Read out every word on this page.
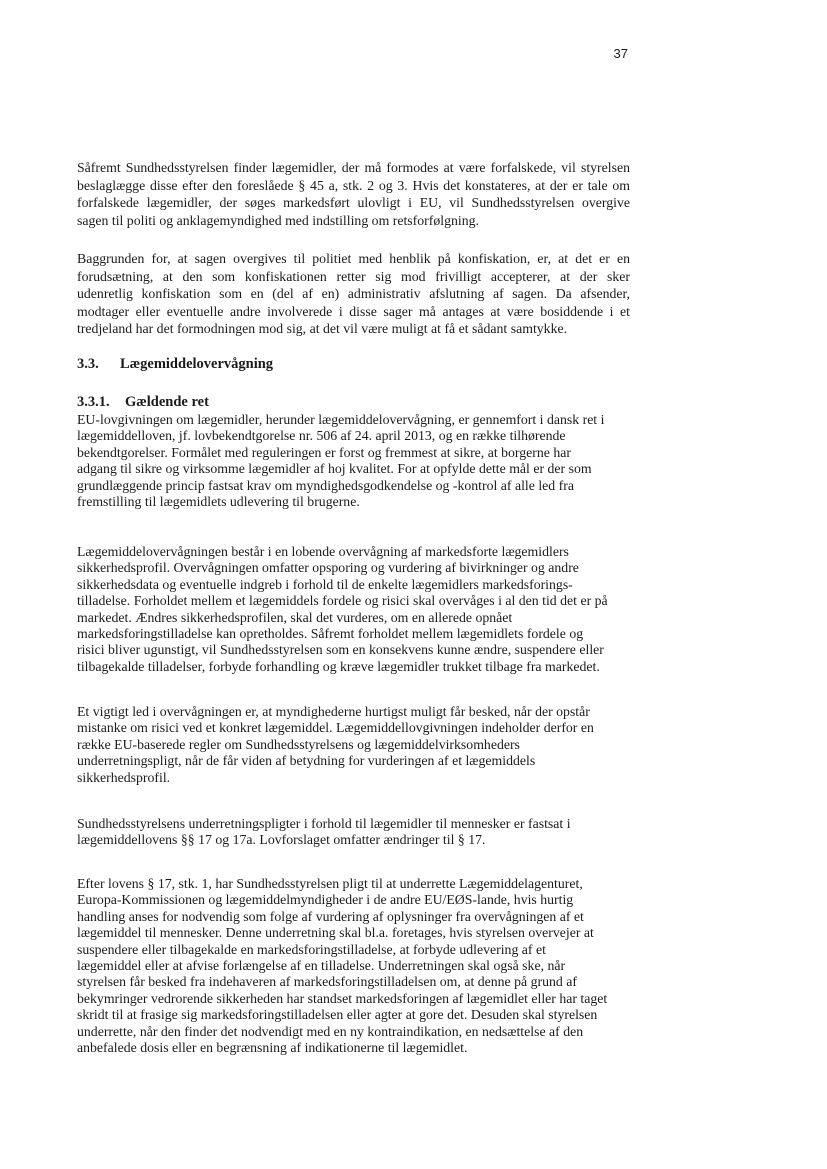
37
Såfremt Sundhedsstyrelsen finder lægemidler, der må formodes at være forfalskede, vil styrelsen
beslaglægge disse efter den foreslåede § 45 a, stk. 2 og 3. Hvis det konstateres, at der er tale om
forfalskede lægemidler, der søges markedsført ulovligt i EU, vil Sundhedsstyrelsen overgive
sagen til politi og anklagemyndighed med indstilling om retsforfølgning.
Baggrunden for, at sagen overgives til politiet med henblik på konfiskation, er, at det er en
forudsætning, at den som konfiskationen retter sig mod frivilligt accepterer, at der sker
udenretlig konfiskation som en (del af en) administrativ afslutning af sagen. Da afsender,
modtager eller eventuelle andre involverede i disse sager må antages at være bosiddende i et
tredjeland har det formodningen mod sig, at det vil være muligt at få et sådant samtykke.
3.3. Lægemiddelovervågning
3.3.1. Gældende ret
EU-lovgivningen om lægemidler, herunder lægemiddelovervågning, er gennemfort i dansk ret i
lægemiddelloven, jf. lovbekendtgorelse nr. 506 af 24. april 2013, og en række tilhørende
bekendtgorelser. Formålet med reguleringen er forst og fremmest at sikre, at borgerne har
adgang til sikre og virksomme lægemidler af hoj kvalitet. For at opfylde dette mål er der som
grundlæggende princip fastsat krav om myndighedsgodkendelse og -kontrol af alle led fra
fremstilling til lægemidlets udlevering til brugerne.
Lægemiddelovervågningen består i en lobende overvågning af markedsforte lægemidlers
sikkerhedsprofil. Overvågningen omfatter opsporing og vurdering af bivirkninger og andre
sikkerhedsdata og eventuelle indgreb i forhold til de enkelte lægemidlers markedsforings-
tilladelse. Forholdet mellem et lægemiddels fordele og risici skal overvåges i al den tid det er på
markedet. Ændres sikkerhedsprofilen, skal det vurderes, om en allerede opnået
markedsforingstilladelse kan opretholdes. Såfremt forholdet mellem lægemidlets fordele og
risici bliver ugunstigt, vil Sundhedsstyrelsen som en konsekvens kunne ændre, suspendere eller
tilbagekalde tilladelser, forbyde forhandling og kræve lægemidler trukket tilbage fra markedet.
Et vigtigt led i overvågningen er, at myndighederne hurtigst muligt får besked, når der opstår
mistanke om risici ved et konkret lægemiddel. Lægemiddellovgivningen indeholder derfor en
række EU-baserede regler om Sundhedsstyrelsens og lægemiddelvirksomheders
underretningspligt, når de får viden af betydning for vurderingen af et lægemiddels
sikkerhedsprofil.
Sundhedsstyrelsens underretningspligter i forhold til lægemidler til mennesker er fastsat i
lægemiddellovens §§ 17 og 17a. Lovforslaget omfatter ændringer til § 17.
Efter lovens § 17, stk. 1, har Sundhedsstyrelsen pligt til at underrette Lægemiddelagenturet,
Europa-Kommissionen og lægemiddelmyndigheder i de andre EU/EØS-lande, hvis hurtig
handling anses for nodvendig som folge af vurdering af oplysninger fra overvågningen af et
lægemiddel til mennesker. Denne underretning skal bl.a. foretages, hvis styrelsen overvejer at
suspendere eller tilbagekalde en markedsforingstilladelse, at forbyde udlevering af et
lægemiddel eller at afvise forlængelse af en tilladelse. Underretningen skal også ske, når
styrelsen får besked fra indehaveren af markedsforingstilladelsen om, at denne på grund af
bekymringer vedrorende sikkerheden har standset markedsforingen af lægemidlet eller har taget
skridt til at frasige sig markedsforingstilladelsen eller agter at gore det. Desuden skal styrelsen
underrette, når den finder det nodvendigt med en ny kontraindikation, en nedsættelse af den
anbefalede dosis eller en begrænsning af indikationerne til lægemidlet.
